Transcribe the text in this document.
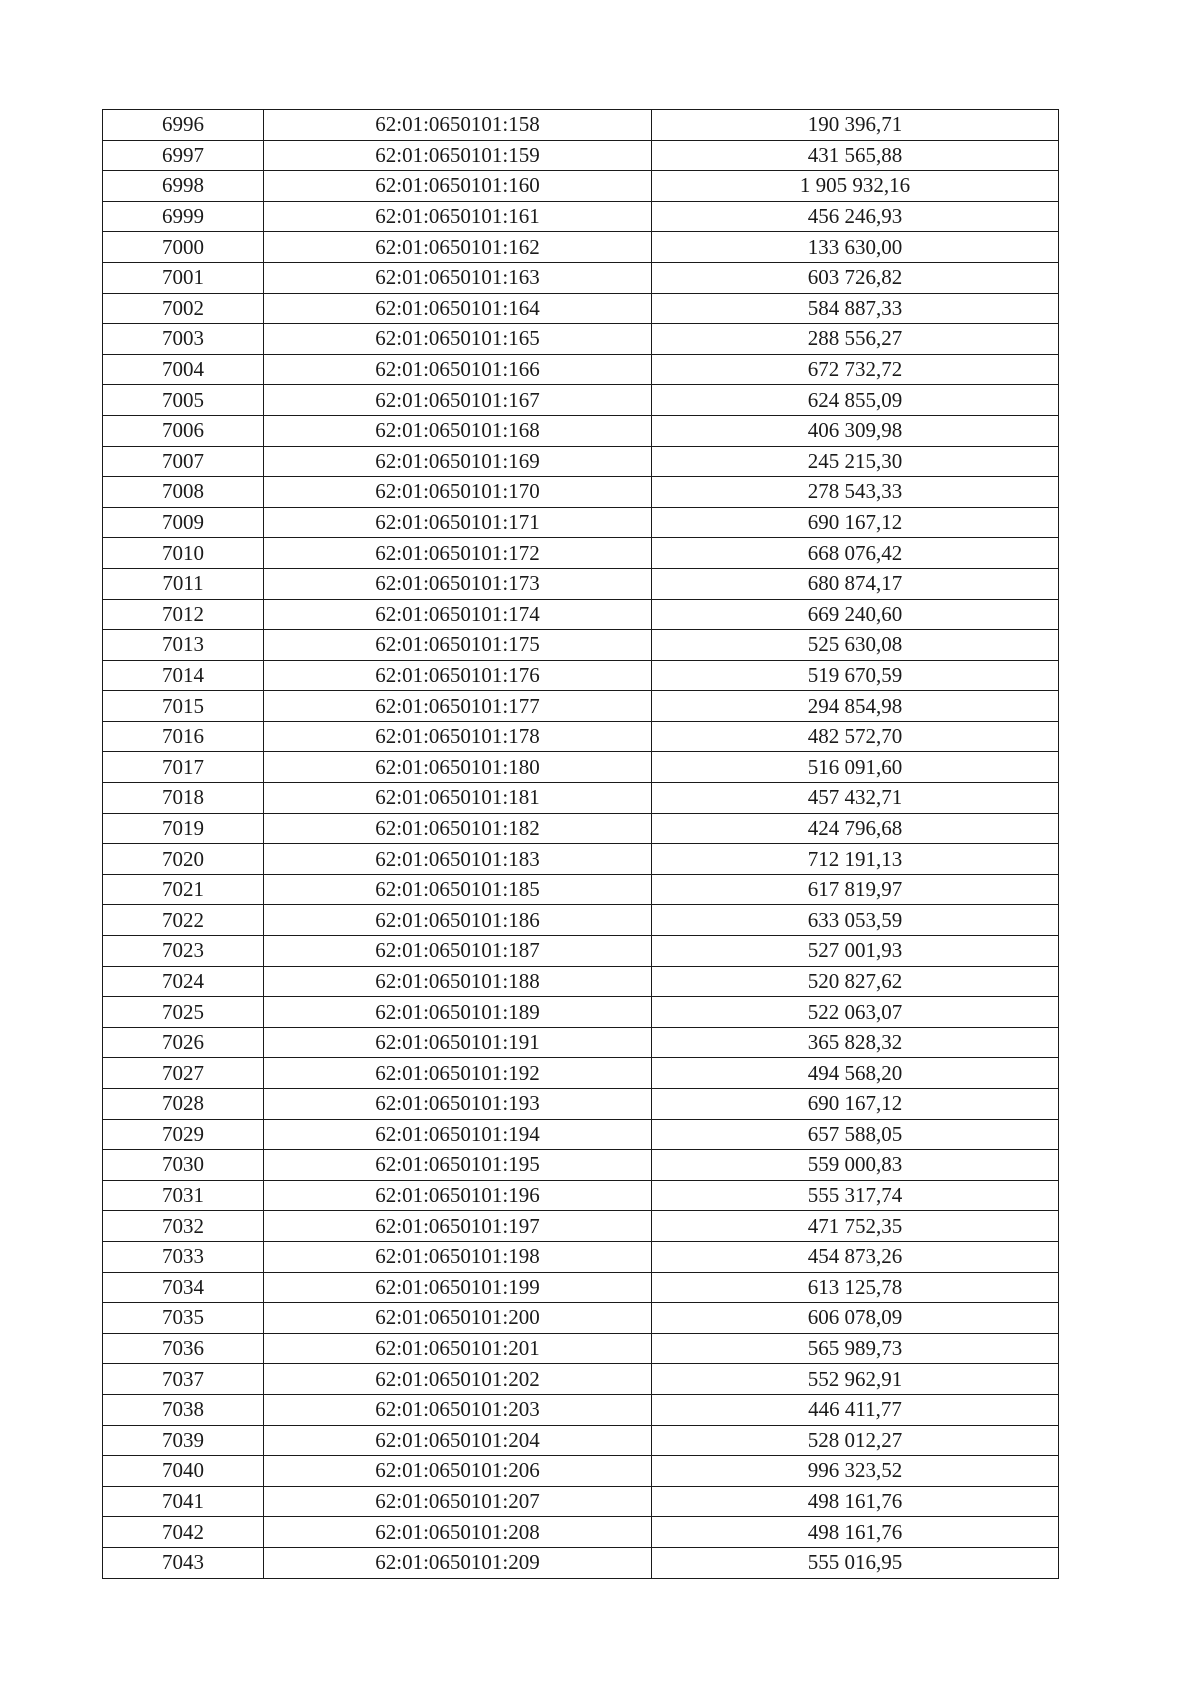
6996	62:01:0650101:158	190 396,71
6997	62:01:0650101:159	431 565,88
6998	62:01:0650101:160	1 905 932,16
6999	62:01:0650101:161	456 246,93
7000	62:01:0650101:162	133 630,00
7001	62:01:0650101:163	603 726,82
7002	62:01:0650101:164	584 887,33
7003	62:01:0650101:165	288 556,27
7004	62:01:0650101:166	672 732,72
7005	62:01:0650101:167	624 855,09
7006	62:01:0650101:168	406 309,98
7007	62:01:0650101:169	245 215,30
7008	62:01:0650101:170	278 543,33
7009	62:01:0650101:171	690 167,12
7010	62:01:0650101:172	668 076,42
7011	62:01:0650101:173	680 874,17
7012	62:01:0650101:174	669 240,60
7013	62:01:0650101:175	525 630,08
7014	62:01:0650101:176	519 670,59
7015	62:01:0650101:177	294 854,98
7016	62:01:0650101:178	482 572,70
7017	62:01:0650101:180	516 091,60
7018	62:01:0650101:181	457 432,71
7019	62:01:0650101:182	424 796,68
7020	62:01:0650101:183	712 191,13
7021	62:01:0650101:185	617 819,97
7022	62:01:0650101:186	633 053,59
7023	62:01:0650101:187	527 001,93
7024	62:01:0650101:188	520 827,62
7025	62:01:0650101:189	522 063,07
7026	62:01:0650101:191	365 828,32
7027	62:01:0650101:192	494 568,20
7028	62:01:0650101:193	690 167,12
7029	62:01:0650101:194	657 588,05
7030	62:01:0650101:195	559 000,83
7031	62:01:0650101:196	555 317,74
7032	62:01:0650101:197	471 752,35
7033	62:01:0650101:198	454 873,26
7034	62:01:0650101:199	613 125,78
7035	62:01:0650101:200	606 078,09
7036	62:01:0650101:201	565 989,73
7037	62:01:0650101:202	552 962,91
7038	62:01:0650101:203	446 411,77
7039	62:01:0650101:204	528 012,27
7040	62:01:0650101:206	996 323,52
7041	62:01:0650101:207	498 161,76
7042	62:01:0650101:208	498 161,76
7043	62:01:0650101:209	555 016,95
